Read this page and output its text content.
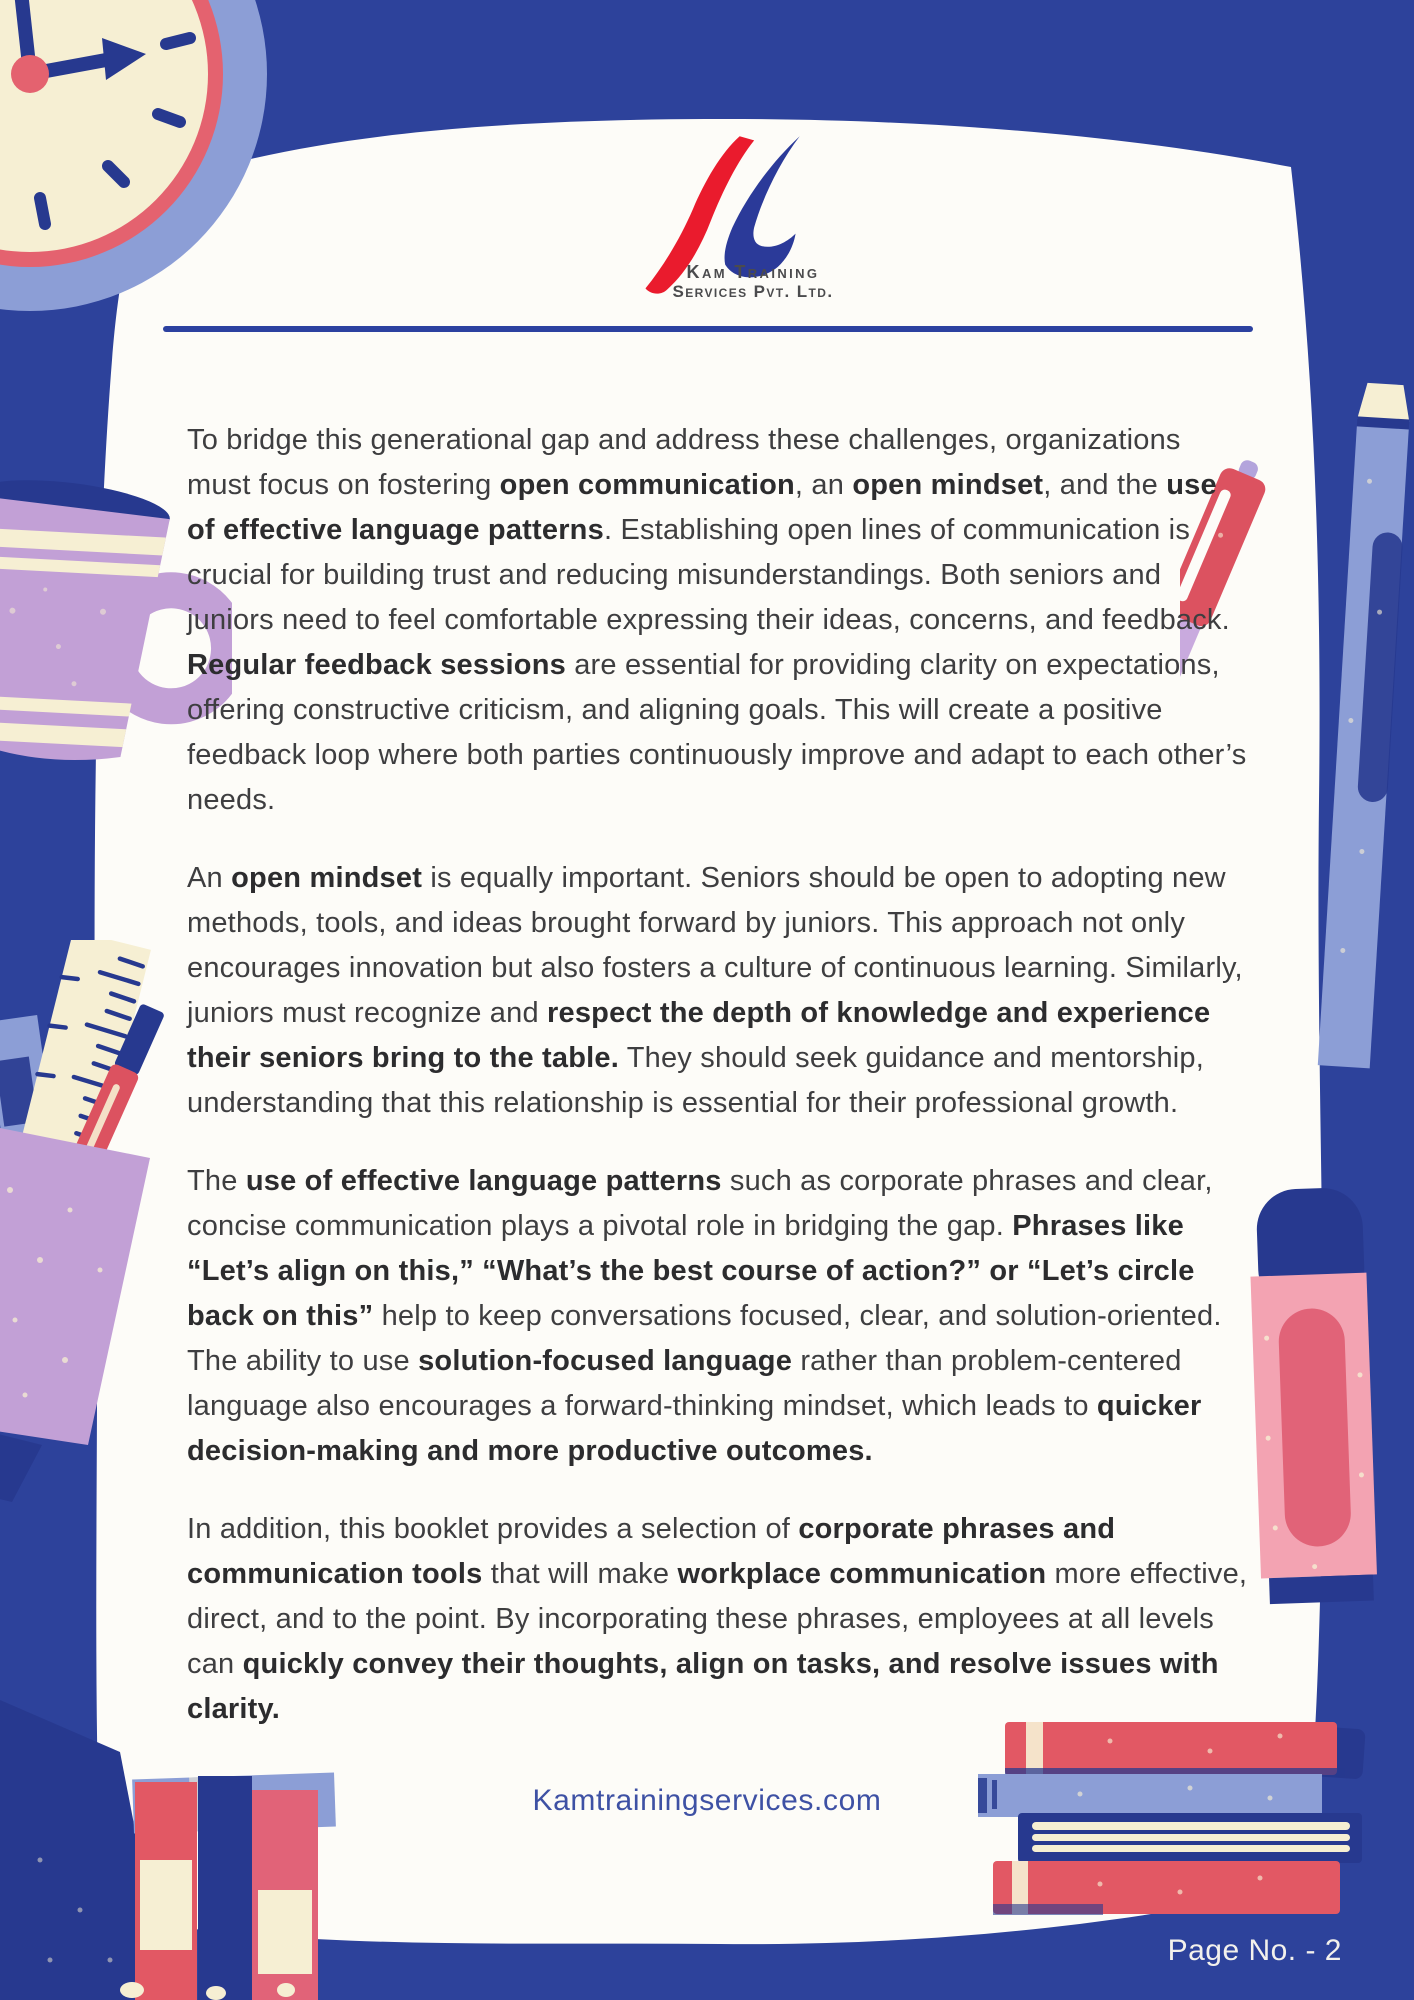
Kam Training
Services Pvt. Ltd.

To bridge this generational gap and address these challenges, organizations must focus on fostering open communication, an open mindset, and the use of effective language patterns. Establishing open lines of communication is crucial for building trust and reducing misunderstandings. Both seniors and juniors need to feel comfortable expressing their ideas, concerns, and feedback. Regular feedback sessions are essential for providing clarity on expectations, offering constructive criticism, and aligning goals. This will create a positive feedback loop where both parties continuously improve and adapt to each other’s needs.

An open mindset is equally important. Seniors should be open to adopting new methods, tools, and ideas brought forward by juniors. This approach not only encourages innovation but also fosters a culture of continuous learning. Similarly, juniors must recognize and respect the depth of knowledge and experience their seniors bring to the table. They should seek guidance and mentorship, understanding that this relationship is essential for their professional growth.

The use of effective language patterns such as corporate phrases and clear, concise communication plays a pivotal role in bridging the gap. Phrases like “Let’s align on this,” “What’s the best course of action?” or “Let’s circle back on this” help to keep conversations focused, clear, and solution-oriented. The ability to use solution-focused language rather than problem-centered language also encourages a forward-thinking mindset, which leads to quicker decision-making and more productive outcomes.

In addition, this booklet provides a selection of corporate phrases and communication tools that will make workplace communication more effective, direct, and to the point. By incorporating these phrases, employees at all levels can quickly convey their thoughts, align on tasks, and resolve issues with clarity.

Kamtrainingservices.com
Page No. - 2
